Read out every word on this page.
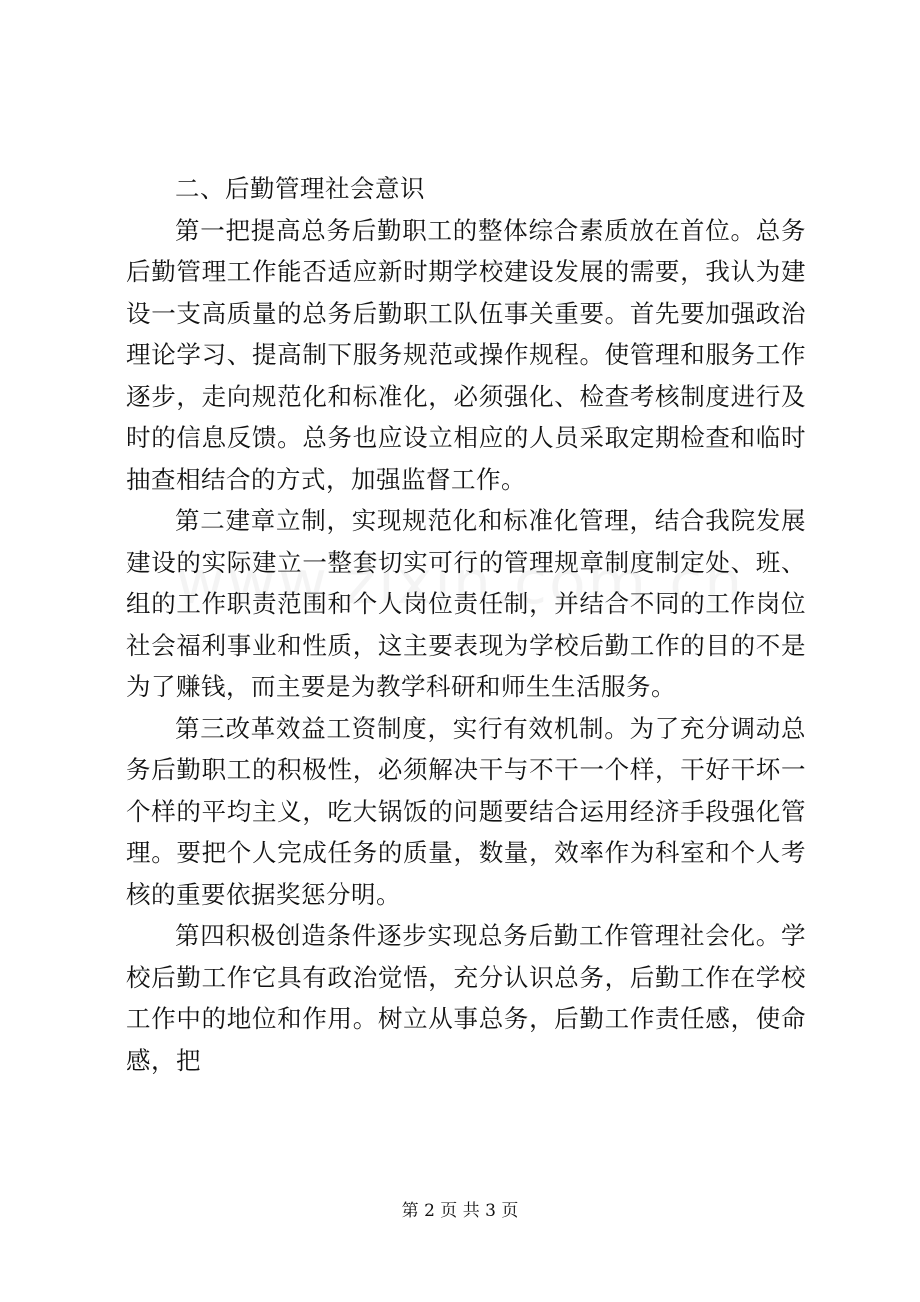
二、后勤管理社会意识

第一把提高总务后勤职工的整体综合素质放在首位。总务后勤管理工作能否适应新时期学校建设发展的需要，我认为建设一支高质量的总务后勤职工队伍事关重要。首先要加强政治理论学习、提高制下服务规范或操作规程。使管理和服务工作逐步，走向规范化和标准化，必须强化、检查考核制度进行及时的信息反馈。总务也应设立相应的人员采取定期检查和临时抽查相结合的方式，加强监督工作。

第二建章立制，实现规范化和标准化管理，结合我院发展建设的实际建立一整套切实可行的管理规章制度制定处、班、组的工作职责范围和个人岗位责任制，并结合不同的工作岗位社会福利事业和性质，这主要表现为学校后勤工作的目的不是为了赚钱，而主要是为教学科研和师生生活服务。

第三改革效益工资制度，实行有效机制。为了充分调动总务后勤职工的积极性，必须解决干与不干一个样，干好干坏一个样的平均主义，吃大锅饭的问题要结合运用经济手段强化管理。要把个人完成任务的质量，数量，效率作为科室和个人考核的重要依据奖惩分明。

第四积极创造条件逐步实现总务后勤工作管理社会化。学校后勤工作它具有政治觉悟，充分认识总务，后勤工作在学校工作中的地位和作用。树立从事总务，后勤工作责任感，使命感，把

第 2 页 共 3 页
